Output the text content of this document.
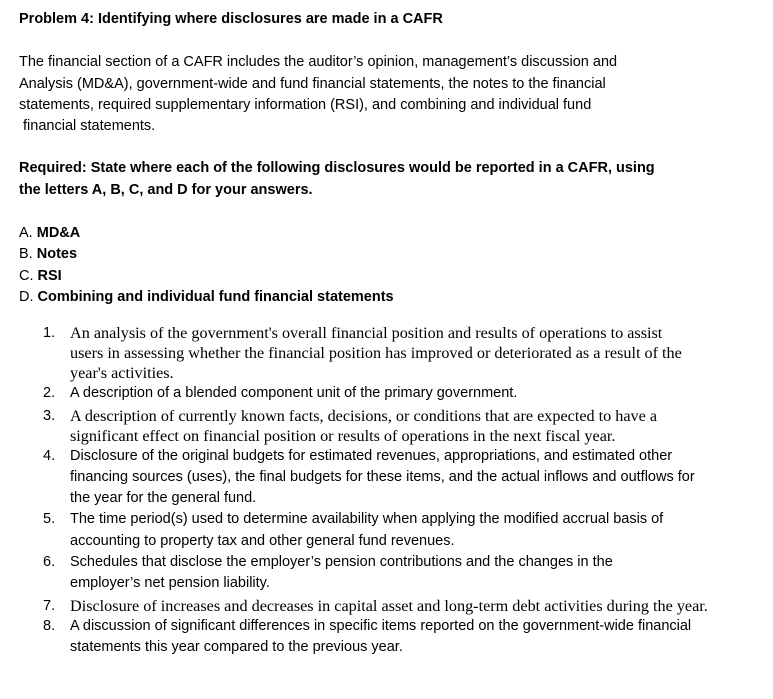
Problem 4: Identifying where disclosures are made in a CAFR

The financial section of a CAFR includes the auditor’s opinion, management’s discussion and
Analysis (MD&A), government-wide and fund financial statements, the notes to the financial
statements, required supplementary information (RSI), and combining and individual fund
financial statements.
Required: State where each of the following disclosures would be reported in a CAFR, using
the letters A, B, C, and D for your answers.
A. MD&A
B. Notes
C. RSI
D. Combining and individual fund financial statements
1. An analysis of the government's overall financial position and results of operations to assist users in assessing whether the financial position has improved or deteriorated as a result of the year's activities.
2. A description of a blended component unit of the primary government.
3. A description of currently known facts, decisions, or conditions that are expected to have a significant effect on financial position or results of operations in the next fiscal year.
4. Disclosure of the original budgets for estimated revenues, appropriations, and estimated other financing sources (uses), the final budgets for these items, and the actual inflows and outflows for the year for the general fund.
5. The time period(s) used to determine availability when applying the modified accrual basis of accounting to property tax and other general fund revenues.
6. Schedules that disclose the employer’s pension contributions and the changes in the employer’s net pension liability.
7. Disclosure of increases and decreases in capital asset and long-term debt activities during the year.
8. A discussion of significant differences in specific items reported on the government-wide financial statements this year compared to the previous year.
